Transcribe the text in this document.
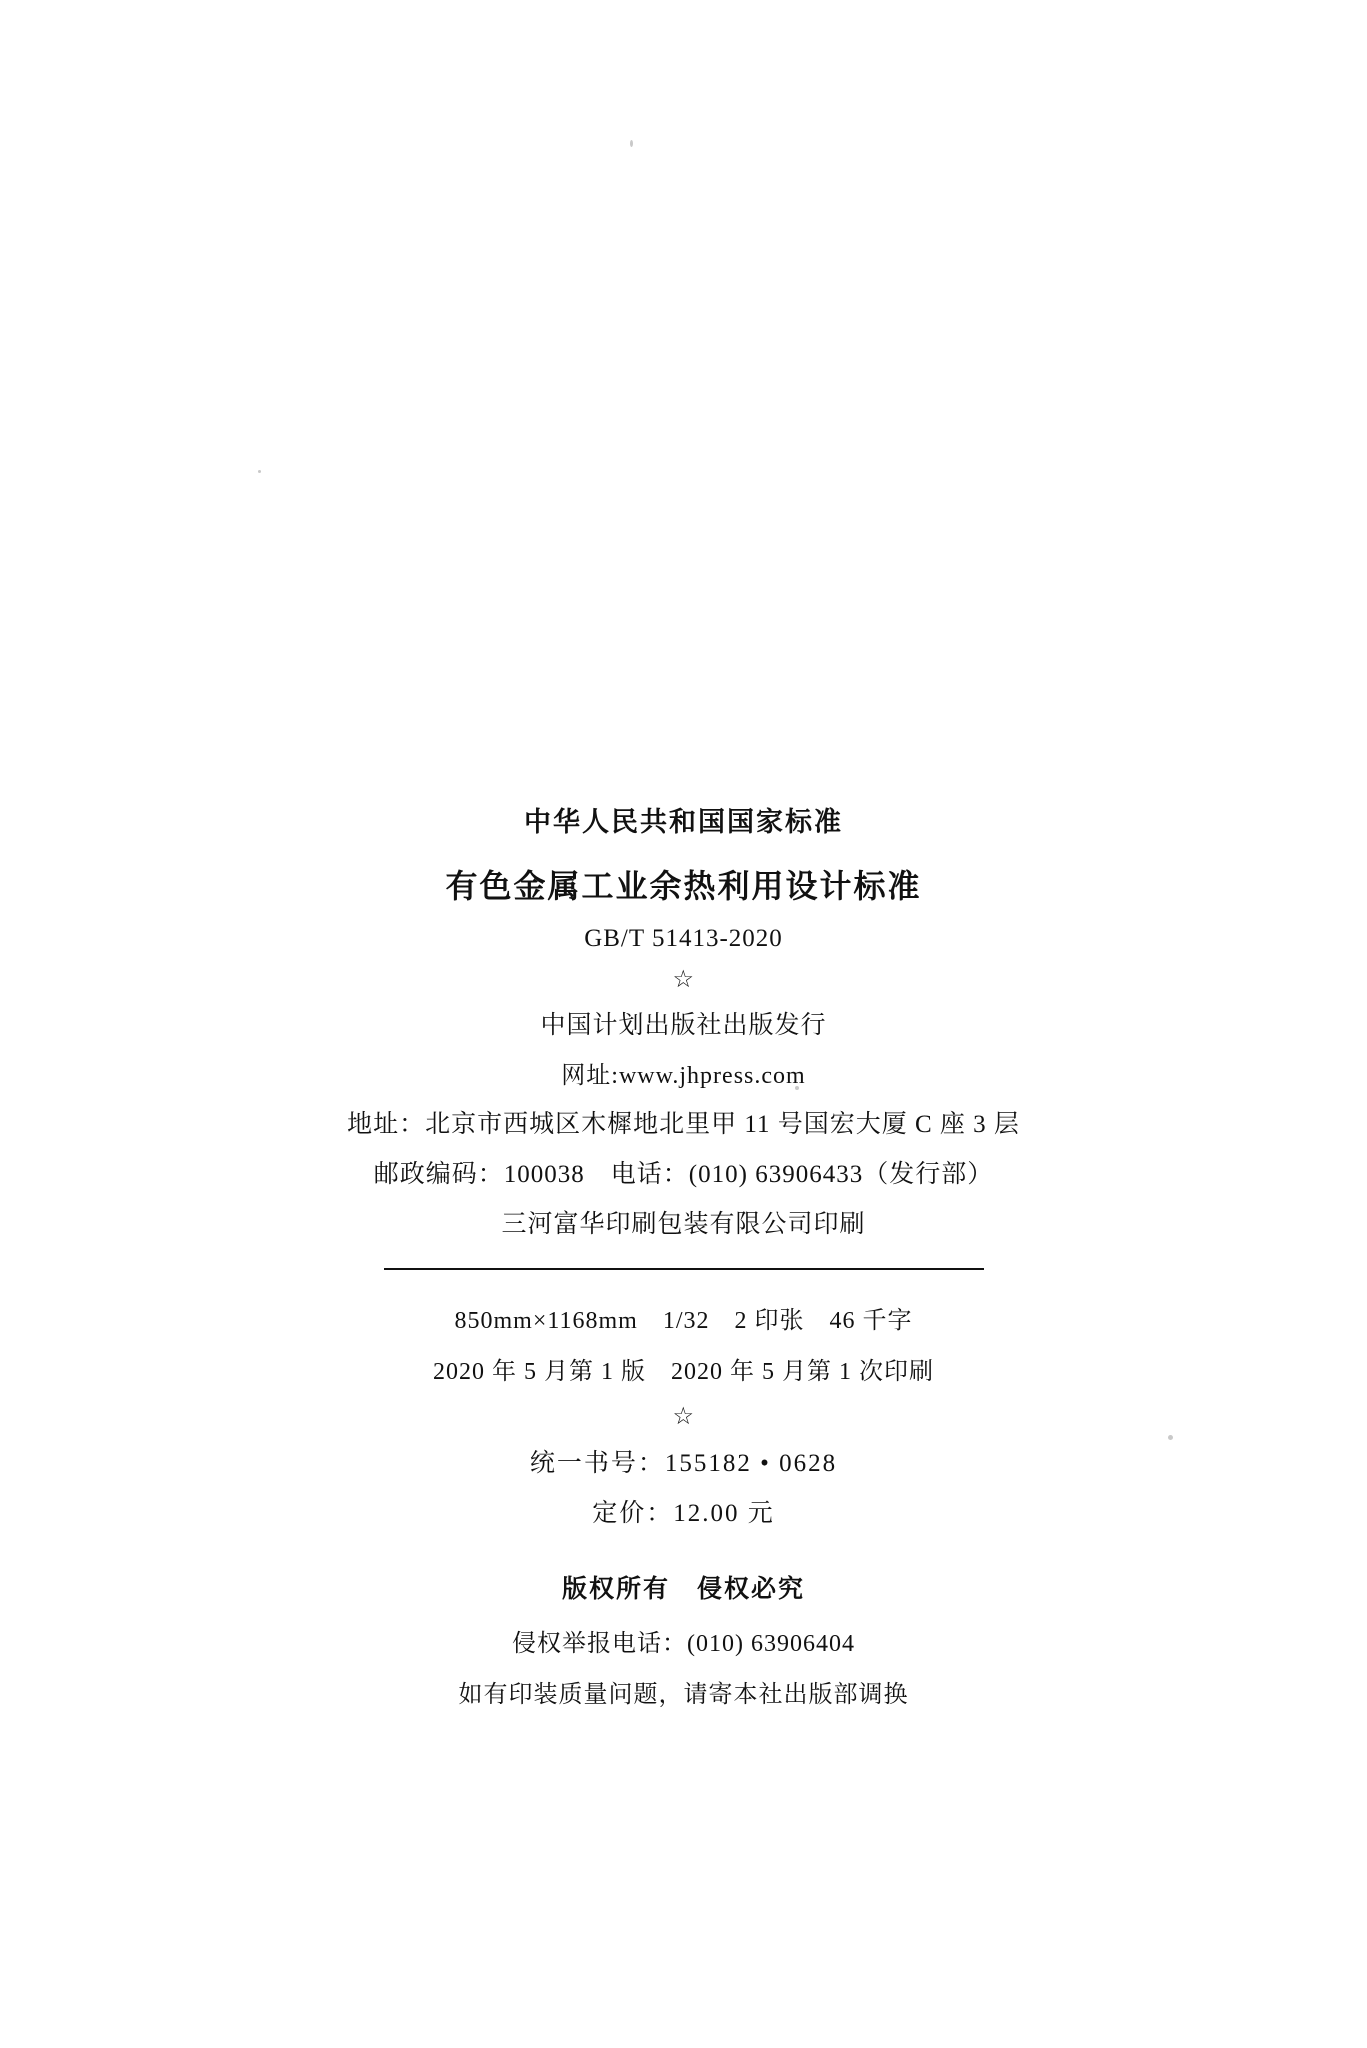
中华人民共和国国家标准
有色金属工业余热利用设计标准
GB/T 51413-2020
☆
中国计划出版社出版发行
网址:www.jhpress.com
地址：北京市西城区木樨地北里甲 11 号国宏大厦 C 座 3 层
邮政编码：100038　电话：(010) 63906433（发行部）
三河富华印刷包装有限公司印刷
850mm×1168mm　1/32　2 印张　46 千字
2020 年 5 月第 1 版　2020 年 5 月第 1 次印刷
☆
统一书号：155182 • 0628
定价：12.00 元
版权所有　侵权必究
侵权举报电话：(010) 63906404
如有印装质量问题，请寄本社出版部调换
